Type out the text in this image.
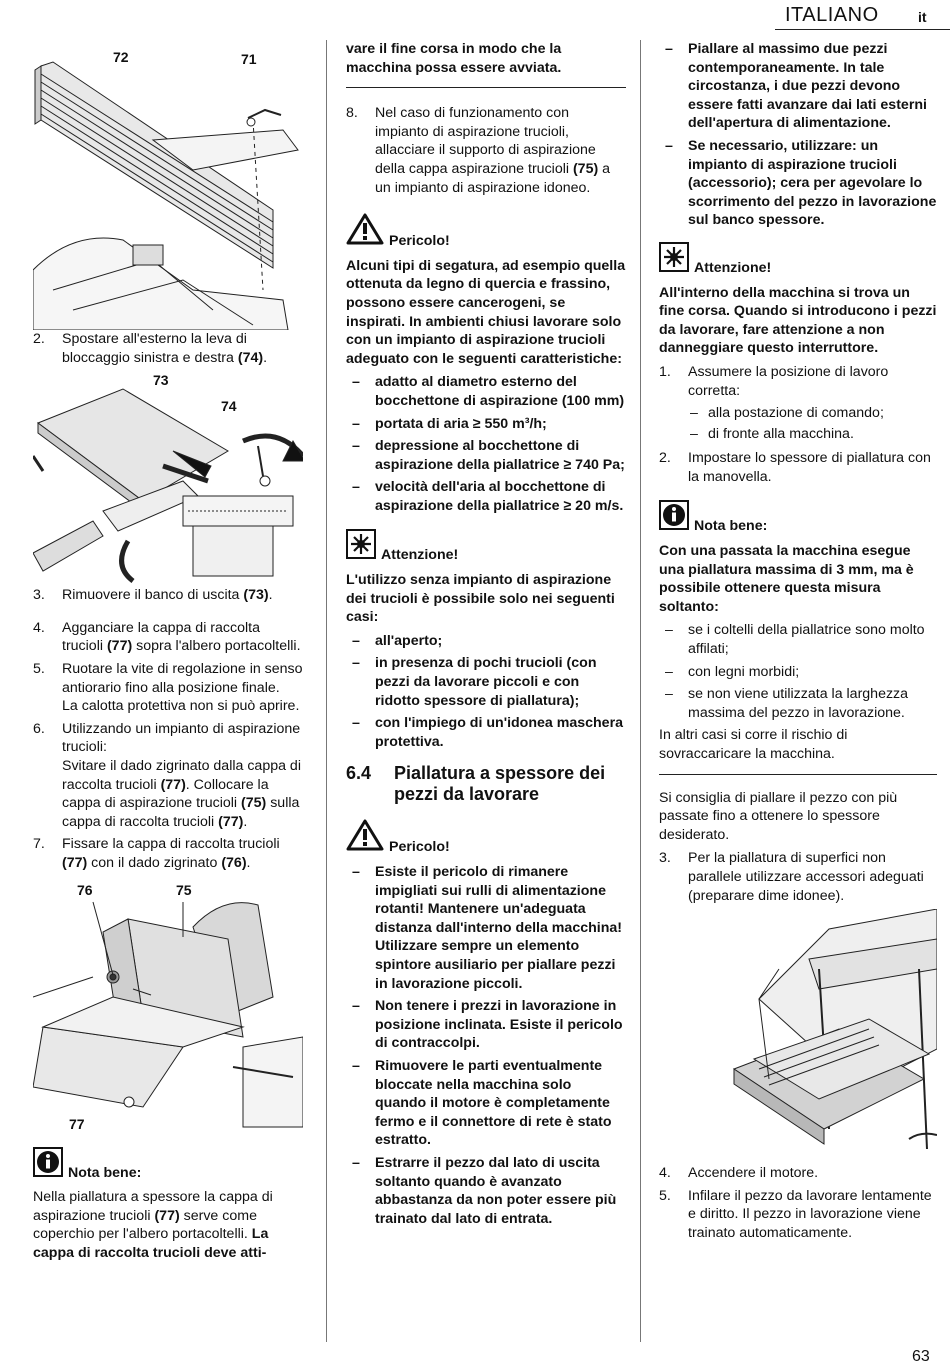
ITALIANO	it
72	71
2.	Spostare all'esterno la leva di bloccaggio sinistra e destra (74).
73
74
3.	Rimuovere il banco di uscita (73).
4.	Agganciare la cappa di raccolta trucioli (77) sopra l'albero portacoltelli.
5.	Ruotare la vite di regolazione in senso antiorario fino alla posizione finale.
La calotta protettiva non si può aprire.
6.	Utilizzando un impianto di aspirazione trucioli:
Svitare il dado zigrinato dalla cappa di raccolta trucioli (77). Collocare la cappa di aspirazione trucioli (75) sulla cappa di raccolta trucioli (77).
7.	Fissare la cappa di raccolta trucioli (77) con il dado zigrinato (76).
76	75
77
Nota bene:
Nella piallatura a spessore la cappa di aspirazione trucioli (77) serve come coperchio per l'albero portacoltelli. La cappa di raccolta trucioli deve atti-
vare il fine corsa in modo che la macchina possa essere avviata.
8.	Nel caso di funzionamento con impianto di aspirazione trucioli, allacciare il supporto di aspirazione della cappa aspirazione trucioli (75) a un impianto di aspirazione idoneo.
Pericolo!
Alcuni tipi di segatura, ad esempio quella ottenuta da legno di quercia e frassino, possono essere cancerogeni, se inspirati. In ambienti chiusi lavorare solo con un impianto di aspirazione trucioli adeguato con le seguenti caratteristiche:
–	adatto al diametro esterno del bocchettone di aspirazione (100 mm)
–	portata di aria ≥ 550 m³/h;
–	depressione al bocchettone di aspirazione della piallatrice ≥ 740 Pa;
–	velocità dell'aria al bocchettone di aspirazione della piallatrice ≥ 20 m/s.
Attenzione!
L'utilizzo senza impianto di aspirazione dei trucioli è possibile solo nei seguenti casi:
–	all'aperto;
–	in presenza di pochi trucioli (con pezzi da lavorare piccoli e con ridotto spessore di piallatura);
–	con l'impiego di un'idonea maschera protettiva.
6.4	Piallatura a spessore dei pezzi da lavorare
Pericolo!
–	Esiste il pericolo di rimanere impigliati sui rulli di alimentazione rotanti! Mantenere un'adeguata distanza dall'interno della macchina! Utilizzare sempre un elemento spintore ausiliario per piallare pezzi in lavorazione piccoli.
–	Non tenere i prezzi in lavorazione in posizione inclinata. Esiste il pericolo di contraccolpi.
–	Rimuovere le parti eventualmente bloccate nella macchina solo quando il motore è completamente fermo e il connettore di rete è stato estratto.
–	Estrarre il pezzo dal lato di uscita soltanto quando è avanzato abbastanza da non poter essere più trainato dal lato di entrata.
–	Piallare al massimo due pezzi contemporaneamente. In tale circostanza, i due pezzi devono essere fatti avanzare dai lati esterni dell'apertura di alimentazione.
–	Se necessario, utilizzare: un impianto di aspirazione trucioli (accessorio); cera per agevolare lo scorrimento del pezzo in lavorazione sul banco spessore.
Attenzione!
All'interno della macchina si trova un fine corsa. Quando si introducono i pezzi da lavorare, fare attenzione a non danneggiare questo interruttore.
1.	Assumere la posizione di lavoro corretta:
– alla postazione di comando;
– di fronte alla macchina.
2.	Impostare lo spessore di piallatura con la manovella.
Nota bene:
Con una passata la macchina esegue una piallatura massima di 3 mm, ma è possibile ottenere questa misura soltanto:
–	se i coltelli della piallatrice sono molto affilati;
–	con legni morbidi;
–	se non viene utilizzata la larghezza massima del pezzo in lavorazione.
In altri casi si corre il rischio di sovraccaricare la macchina.
Si consiglia di piallare il pezzo con più passate fino a ottenere lo spessore desiderato.
3.	Per la piallatura di superfici non parallele utilizzare accessori adeguati (preparare dime idonee).
4.	Accendere il motore.
5.	Infilare il pezzo da lavorare lentamente e diritto. Il pezzo in lavorazione viene trainato automaticamente.
63
